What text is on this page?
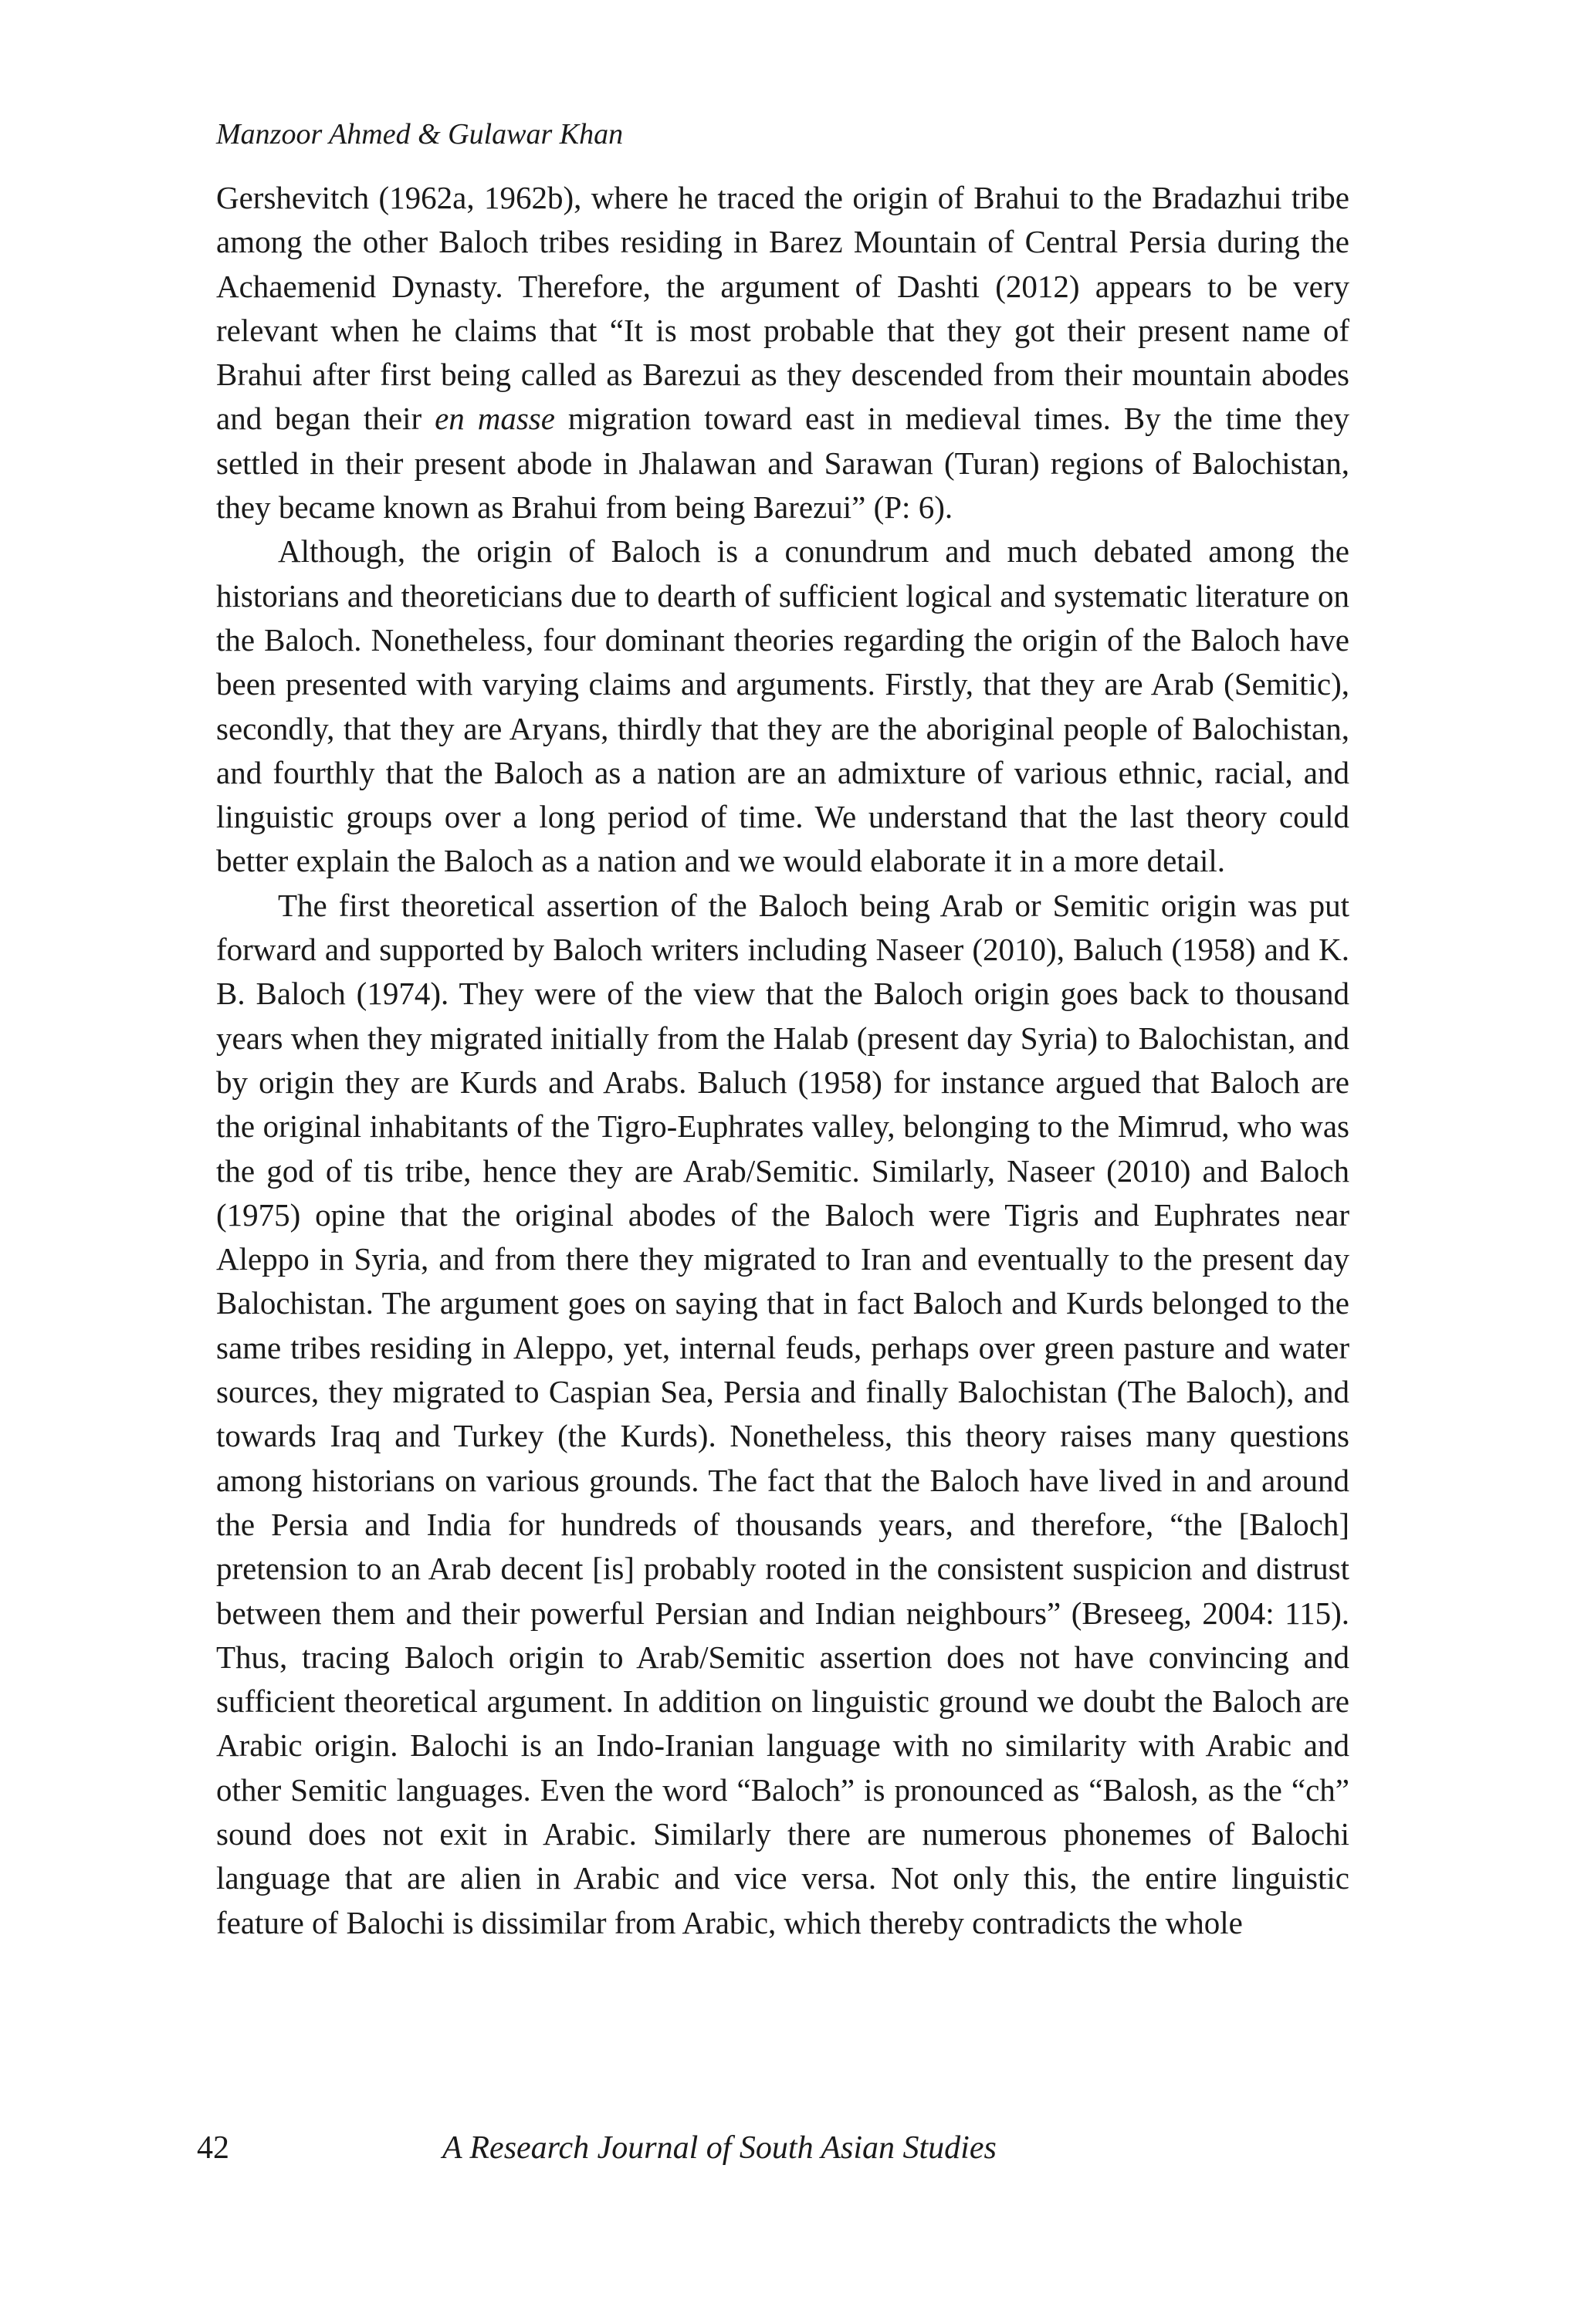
Manzoor Ahmed & Gulawar Khan

Gershevitch (1962a, 1962b), where he traced the origin of Brahui to the Bradazhui tribe among the other Baloch tribes residing in Barez Mountain of Central Persia during the Achaemenid Dynasty. Therefore, the argument of Dashti (2012) appears to be very relevant when he claims that “It is most probable that they got their present name of Brahui after first being called as Barezui as they descended from their mountain abodes and began their en masse migration toward east in medieval times. By the time they settled in their present abode in Jhalawan and Sarawan (Turan) regions of Balochistan, they became known as Brahui from being Barezui” (P: 6).

Although, the origin of Baloch is a conundrum and much debated among the historians and theoreticians due to dearth of sufficient logical and systematic literature on the Baloch. Nonetheless, four dominant theories regarding the origin of the Baloch have been presented with varying claims and arguments. Firstly, that they are Arab (Semitic), secondly, that they are Aryans, thirdly that they are the aboriginal people of Balochistan, and fourthly that the Baloch as a nation are an admixture of various ethnic, racial, and linguistic groups over a long period of time. We understand that the last theory could better explain the Baloch as a nation and we would elaborate it in a more detail.

The first theoretical assertion of the Baloch being Arab or Semitic origin was put forward and supported by Baloch writers including Naseer (2010), Baluch (1958) and K. B. Baloch (1974). They were of the view that the Baloch origin goes back to thousand years when they migrated initially from the Halab (present day Syria) to Balochistan, and by origin they are Kurds and Arabs. Baluch (1958) for instance argued that Baloch are the original inhabitants of the Tigro-Euphrates valley, belonging to the Mimrud, who was the god of tis tribe, hence they are Arab/Semitic. Similarly, Naseer (2010) and Baloch (1975) opine that the original abodes of the Baloch were Tigris and Euphrates near Aleppo in Syria, and from there they migrated to Iran and eventually to the present day Balochistan. The argument goes on saying that in fact Baloch and Kurds belonged to the same tribes residing in Aleppo, yet, internal feuds, perhaps over green pasture and water sources, they migrated to Caspian Sea, Persia and finally Balochistan (The Baloch), and towards Iraq and Turkey (the Kurds). Nonetheless, this theory raises many questions among historians on various grounds. The fact that the Baloch have lived in and around the Persia and India for hundreds of thousands years, and therefore, “the [Baloch] pretension to an Arab decent [is] probably rooted in the consistent suspicion and distrust between them and their powerful Persian and Indian neighbours” (Breseeg, 2004: 115). Thus, tracing Baloch origin to Arab/Semitic assertion does not have convincing and sufficient theoretical argument. In addition on linguistic ground we doubt the Baloch are Arabic origin. Balochi is an Indo-Iranian language with no similarity with Arabic and other Semitic languages. Even the word “Baloch” is pronounced as “Balosh, as the “ch” sound does not exit in Arabic. Similarly there are numerous phonemes of Balochi language that are alien in Arabic and vice versa. Not only this, the entire linguistic feature of Balochi is dissimilar from Arabic, which thereby contradicts the whole

42	A Research Journal of South Asian Studies
